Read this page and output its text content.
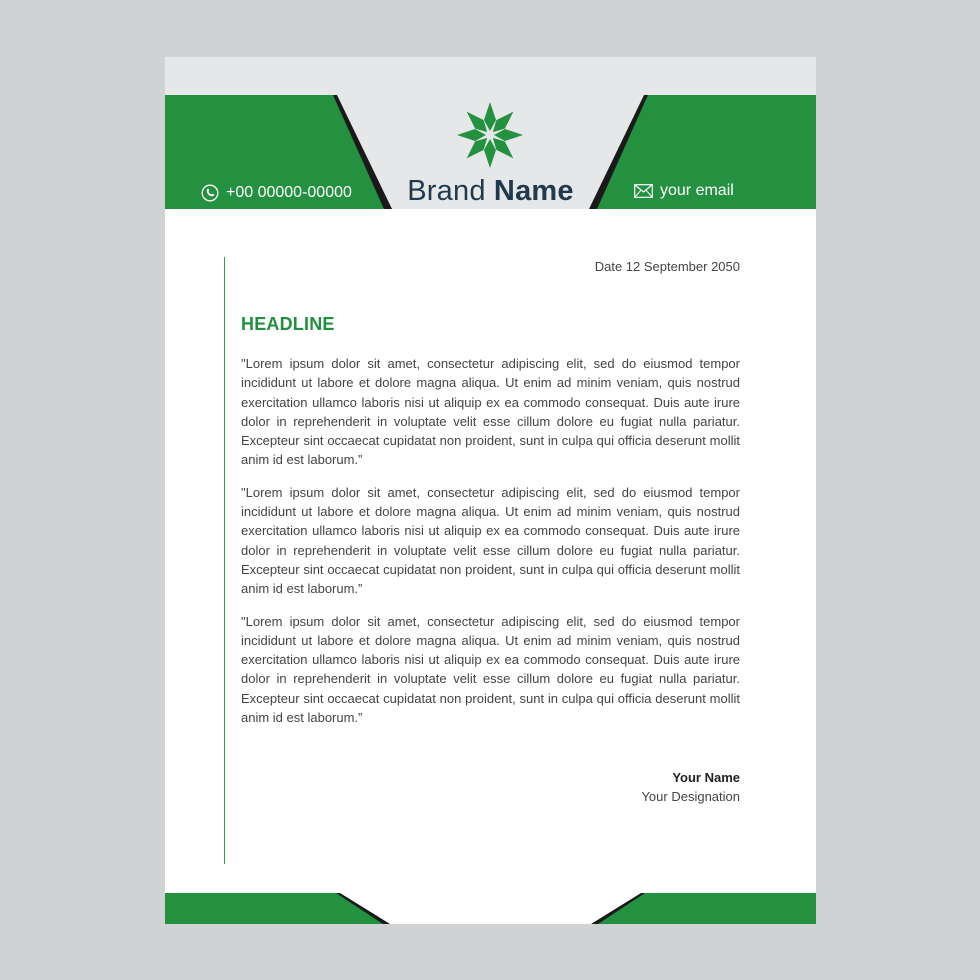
Brand Name
+00 00000-00000	your email
Date 12 September 2050
HEADLINE

"Lorem ipsum dolor sit amet, consectetur adipiscing elit, sed do eiusmod tempor incididunt ut labore et dolore magna aliqua. Ut enim ad minim veniam, quis nostrud exercitation ullamco laboris nisi ut aliquip ex ea commodo consequat. Duis aute irure dolor in reprehenderit in voluptate velit esse cillum dolore eu fugiat nulla pariatur. Excepteur sint occaecat cupidatat non proident, sunt in culpa qui officia deserunt mollit anim id est laborum.”

"Lorem ipsum dolor sit amet, consectetur adipiscing elit, sed do eiusmod tempor incididunt ut labore et dolore magna aliqua. Ut enim ad minim veniam, quis nostrud exercitation ullamco laboris nisi ut aliquip ex ea commodo consequat. Duis aute irure dolor in reprehenderit in voluptate velit esse cillum dolore eu fugiat nulla pariatur. Excepteur sint occaecat cupidatat non proident, sunt in culpa qui officia deserunt mollit anim id est laborum.”

"Lorem ipsum dolor sit amet, consectetur adipiscing elit, sed do eiusmod tempor incididunt ut labore et dolore magna aliqua. Ut enim ad minim veniam, quis nostrud exercitation ullamco laboris nisi ut aliquip ex ea commodo consequat. Duis aute irure dolor in reprehenderit in voluptate velit esse cillum dolore eu fugiat nulla pariatur. Excepteur sint occaecat cupidatat non proident, sunt in culpa qui officia deserunt mollit anim id est laborum.”

Your Name
Your Designation
